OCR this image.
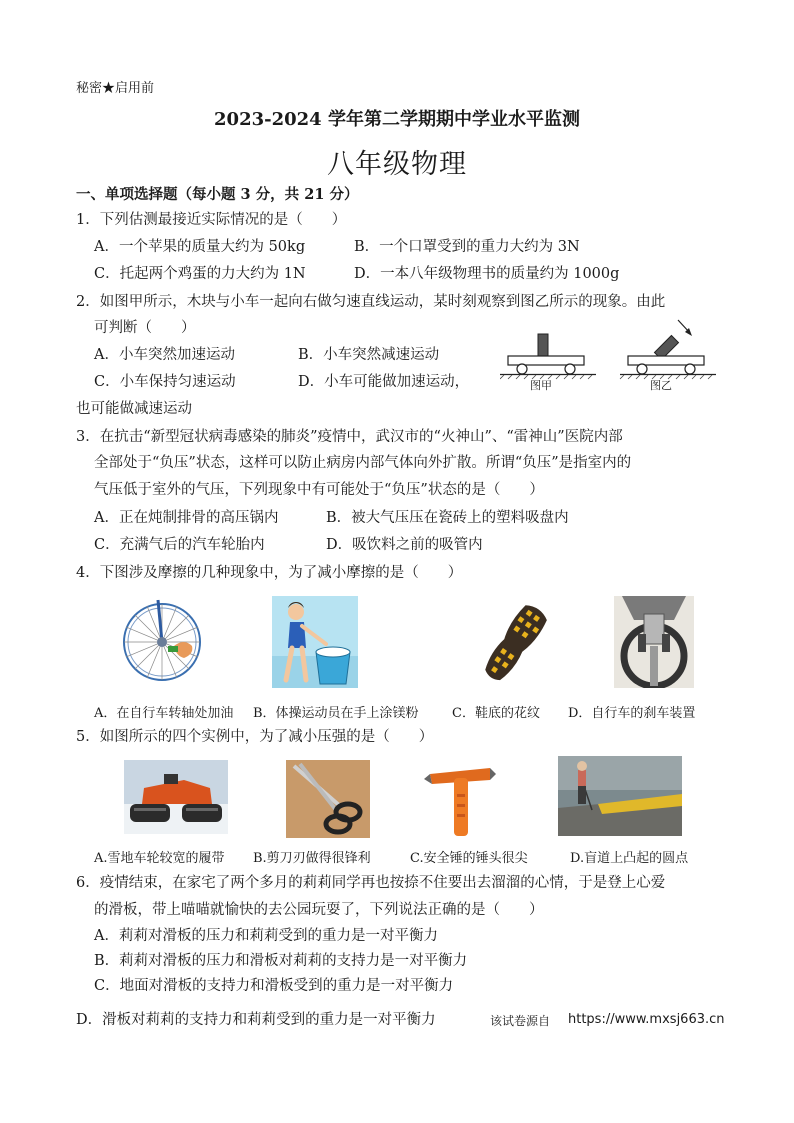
秘密★启用前
2023-2024 学年第二学期期中学业水平监测
八年级物理
一、单项选择题（每小题 3 分，共 21 分）
1．下列估测最接近实际情况的是（　　）
A．一个苹果的质量大约为 50kg	B．一个口罩受到的重力大约为 3N
C．托起两个鸡蛋的力大约为 1N	D．一本八年级物理书的质量约为 1000g
2．如图甲所示，木块与小车一起向右做匀速直线运动，某时刻观察到图乙所示的现象。由此
可判断（　　）
A．小车突然加速运动	B．小车突然减速运动
C．小车保持匀速运动	D．小车可能做加速运动，
也可能做减速运动
图甲	图乙
3．在抗击“新型冠状病毒感染的肺炎”疫情中，武汉市的“火神山”、“雷神山”医院内部
全部处于“负压”状态，这样可以防止病房内部气体向外扩散。所谓“负压”是指室内的
气压低于室外的气压，下列现象中有可能处于“负压”状态的是（　　）
A．正在炖制排骨的高压锅内	B．被大气压压在瓷砖上的塑料吸盘内
C．充满气后的汽车轮胎内	D．吸饮料之前的吸管内
4．下图涉及摩擦的几种现象中，为了减小摩擦的是（　　）
A．在自行车转轴处加油 B．体操运动员在手上涂镁粉	C．鞋底的花纹 D．自行车的刹车装置
5．如图所示的四个实例中，为了减小压强的是（　　）
A.雪地车轮较宽的履带 B.剪刀刃做得很锋利	C.安全锤的锤头很尖	D.盲道上凸起的圆点
6．疫情结束，在家宅了两个多月的莉莉同学再也按捺不住要出去溜溜的心情，于是登上心爱
的滑板，带上喵喵就愉快的去公园玩耍了，下列说法正确的是（　　）
A．莉莉对滑板的压力和莉莉受到的重力是一对平衡力
B．莉莉对滑板的压力和滑板对莉莉的支持力是一对平衡力
C．地面对滑板的支持力和滑板受到的重力是一对平衡力
D．滑板对莉莉的支持力和莉莉受到的重力是一对平衡力	该试卷源自 https://www.mxsj663.cn
